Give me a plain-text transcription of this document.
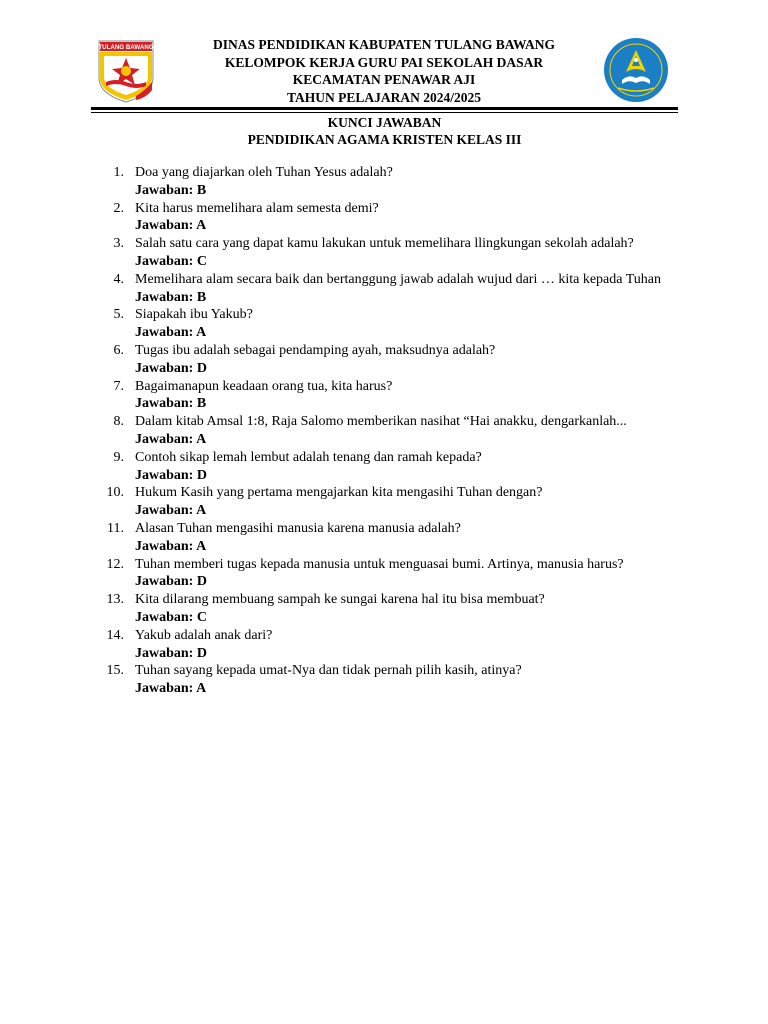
TULANG BAWANG	DINAS PENDIDIKAN KABUPATEN TULANG BAWANG
KELOMPOK KERJA GURU PAI SEKOLAH DASAR
KECAMATAN PENAWAR AJI
TAHUN PELAJARAN 2024/2025
KUNCI JAWABAN
PENDIDIKAN AGAMA KRISTEN KELAS III
1. Doa yang diajarkan oleh Tuhan Yesus adalah?
Jawaban: B
2. Kita harus memelihara alam semesta demi?
Jawaban: A
3. Salah satu cara yang dapat kamu lakukan untuk memelihara llingkungan sekolah adalah?
Jawaban: C
4. Memelihara alam secara baik dan bertanggung jawab adalah wujud dari … kita kepada Tuhan
Jawaban: B
5. Siapakah ibu Yakub?
Jawaban: A
6. Tugas ibu adalah sebagai pendamping ayah, maksudnya adalah?
Jawaban: D
7. Bagaimanapun keadaan orang tua, kita harus?
Jawaban: B
8. Dalam kitab Amsal 1:8, Raja Salomo memberikan nasihat “Hai anakku, dengarkanlah...
Jawaban: A
9. Contoh sikap lemah lembut adalah tenang dan ramah kepada?
Jawaban: D
10. Hukum Kasih yang pertama mengajarkan kita mengasihi Tuhan dengan?
Jawaban: A
11. Alasan Tuhan mengasihi manusia karena manusia adalah?
Jawaban: A
12. Tuhan memberi tugas kepada manusia untuk menguasai bumi. Artinya, manusia harus?
Jawaban: D
13. Kita dilarang membuang sampah ke sungai karena hal itu bisa membuat?
Jawaban: C
14. Yakub adalah anak dari?
Jawaban: D
15. Tuhan sayang kepada umat-Nya dan tidak pernah pilih kasih, atinya?
Jawaban: A
